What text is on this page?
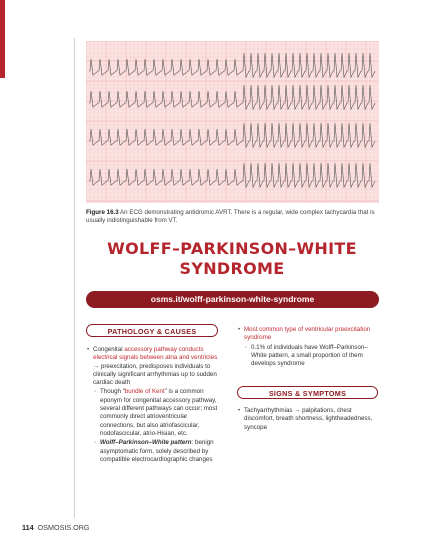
Figure 16.3 An ECG demonstrating antidromic AVRT. There is a regular, wide complex tachycardia that is usually indistinguishable from VT.
WOLFF–PARKINSON–WHITE
SYNDROME
osms.it/wolff-parkinson-white-syndrome
PATHOLOGY & CAUSES
• Congenital accessory pathway conducts electrical signals between atria and ventricles → preexcitation, predisposes individuals to clinically significant arrhythmias up to sudden cardiac death
◦ Though “bundle of Kent” is a common eponym for congenital accessory pathway, several different pathways can occur; most commonly direct atrioventricular connections, but also atriofascicular, nodofascicular, atrio-Hisian, etc.
◦ Wolff–Parkinson–White pattern: benign asymptomatic form, solely described by compatible electrocardiographic changes
• Most common type of ventricular preexcitation syndrome
◦ 0.1% of individuals have Wolff–Parkinson–White pattern, a small proportion of them develops syndrome
SIGNS & SYMPTOMS
• Tachyarrhythmias → palpitations, chest discomfort, breath shortness, lightheadedness, syncope
114 OSMOSIS.ORG
